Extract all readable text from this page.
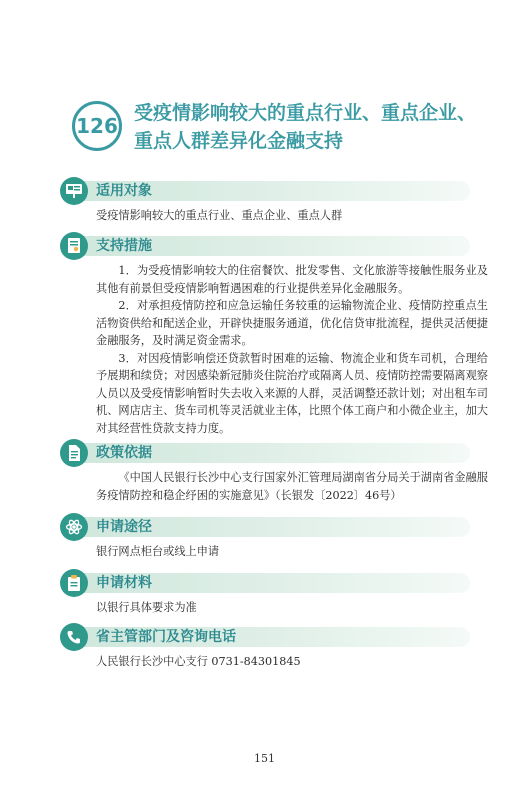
126
受疫情影响较大的重点行业、重点企业、
重点人群差异化金融支持
适用对象

受疫情影响较大的重点行业、重点企业、重点人群

支持措施

1．为受疫情影响较大的住宿餐饮、批发零售、文化旅游等接触性服务业及其他有前景但受疫情影响暂遇困难的行业提供差异化金融服务。

2．对承担疫情防控和应急运输任务较重的运输物流企业、疫情防控重点生活物资供给和配送企业，开辟快捷服务通道，优化信贷审批流程，提供灵活便捷金融服务，及时满足资金需求。

3．对因疫情影响偿还贷款暂时困难的运输、物流企业和货车司机，合理给予展期和续贷；对因感染新冠肺炎住院治疗或隔离人员、疫情防控需要隔离观察人员以及受疫情影响暂时失去收入来源的人群，灵活调整还款计划；对出租车司机、网店店主、货车司机等灵活就业主体，比照个体工商户和小微企业主，加大对其经营性贷款支持力度。

政策依据

《中国人民银行长沙中心支行国家外汇管理局湖南省分局关于湖南省金融服务疫情防控和稳企纾困的实施意见》（长银发〔2022〕46号）

申请途径

银行网点柜台或线上申请

申请材料

以银行具体要求为准

省主管部门及咨询电话

人民银行长沙中心支行 0731-84301845

151
